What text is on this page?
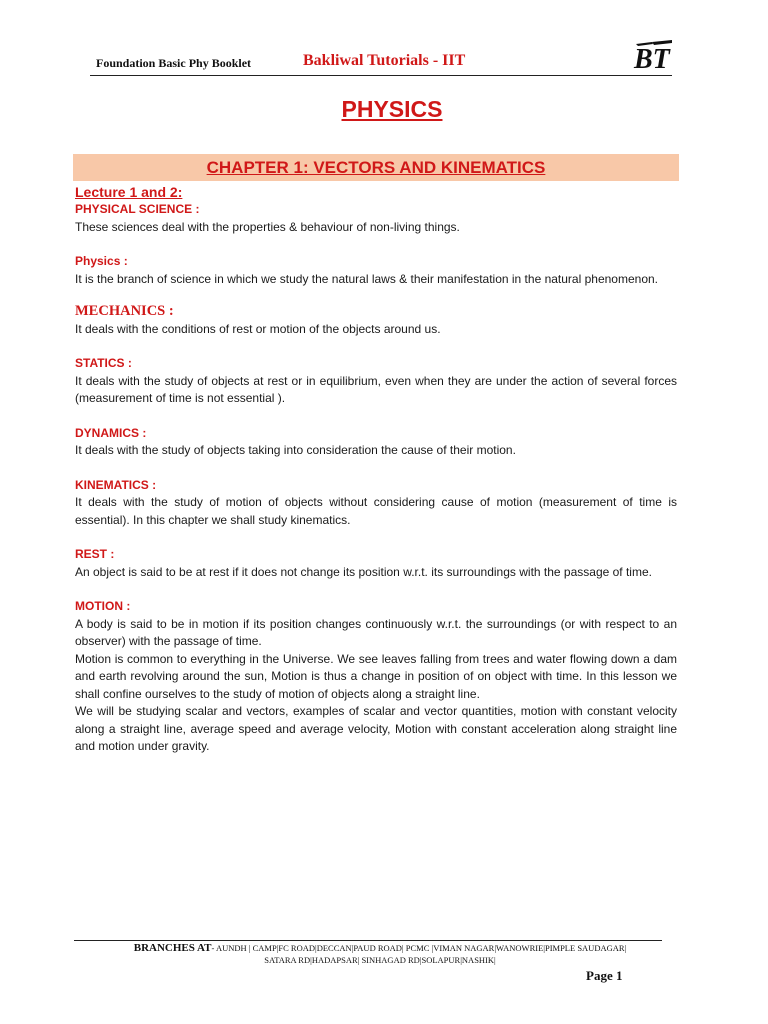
Foundation Basic Phy Booklet	Bakliwal Tutorials - IIT	BT
PHYSICS
CHAPTER 1: VECTORS AND KINEMATICS
Lecture 1 and 2:
PHYSICAL SCIENCE :

These sciences deal with the properties & behaviour of non-living things.

Physics :

It is the branch of science in which we study the natural laws & their manifestation in the natural phenomenon.

MECHANICS :

It deals with the conditions of rest or motion of the objects around us.

STATICS :

It deals with the study of objects at rest or in equilibrium, even when they are under the action of several forces (measurement of time is not essential ).

DYNAMICS :

It deals with the study of objects taking into consideration the cause of their motion.

KINEMATICS :

It deals with the study of motion of objects without considering cause of motion (measurement of time is essential). In this chapter we shall study kinematics.

REST :

An object is said to be at rest if it does not change its position w.r.t. its surroundings with the passage of time.

MOTION :

A body is said to be in motion if its position changes continuously w.r.t. the surroundings (or with respect to an observer) with the passage of time.

Motion is common to everything in the Universe. We see leaves falling from trees and water flowing down a dam and earth revolving around the sun, Motion is thus a change in position of on object with time. In this lesson we shall confine ourselves to the study of motion of objects along a straight line.

We will be studying scalar and vectors, examples of scalar and vector quantities, motion with constant velocity along a straight line, average speed and average velocity, Motion with constant acceleration along straight line and motion under gravity.

BRANCHES AT- AUNDH | CAMP|FC ROAD|DECCAN|PAUD ROAD| PCMC |VIMAN NAGAR|WANOWRIE|PIMPLE SAUDAGAR|
SATARA RD|HADAPSAR| SINHAGAD RD|SOLAPUR|NASHIK|
Page 1
